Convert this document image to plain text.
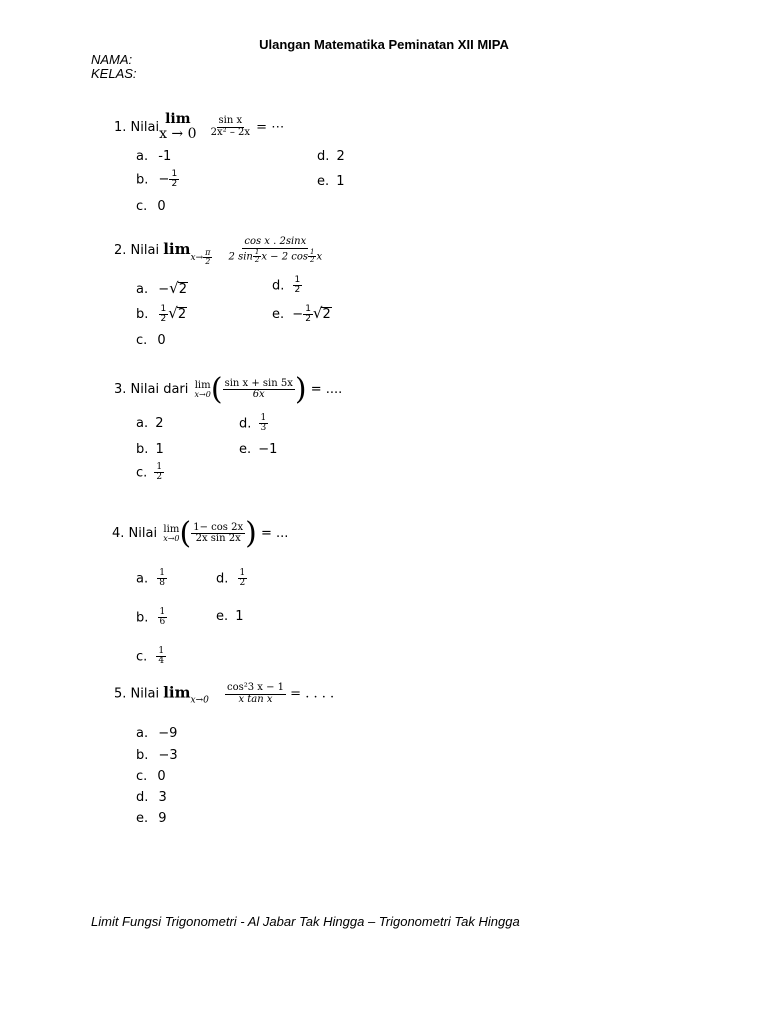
Ulangan Matematika Peminatan XII MIPA
NAMA:
KELAS:
1. Nilai
lim
x → 0
$\frac{\text{sin x}}{\text{2x² – 2x}}$ = ⋯
a. -1
b. − $\frac{1}{2}$
c. 0
d. 2
e. 1
2. Nilai $\lim_{x\to \frac{\pi}{2}}$
$\frac{\text{cos x . 2sinx}}{2 \sin \frac{1}{2} x - 2 \cos \frac{1}{2} x}$
a. −√2
b. $\frac{1}{2} √2$
c. 0
d. $\frac{1}{2}$
e. − $\frac{1}{2} √2$
3. Nilai dari lim
x→0 ( $\frac{\text{sin x + sin 5x}}{6x}$ ) = ....
a. 2
b. 1
c. $\frac{1}{2}$
d. $\frac{1}{3}$
e. −1
4. Nilai lim
x→0 ( $\frac{1- \cos 2x}{\text{2x sin 2x}}$ ) = ...
a. $\frac{1}{8}$
b. $\frac{1}{6}$
c. $\frac{1}{4}$
d. $\frac{1}{2}$
e. 1
5. Nilai $\lim_{x\to 0} \frac{\text{cos²3 x − 1}}{\text{x tan x}}$ = . . . .
a. −9
b. −3
c. 0
d. 3
e. 9
Limit Fungsi Trigonometri - Al Jabar Tak Hingga – Trigonometri Tak Hingga
